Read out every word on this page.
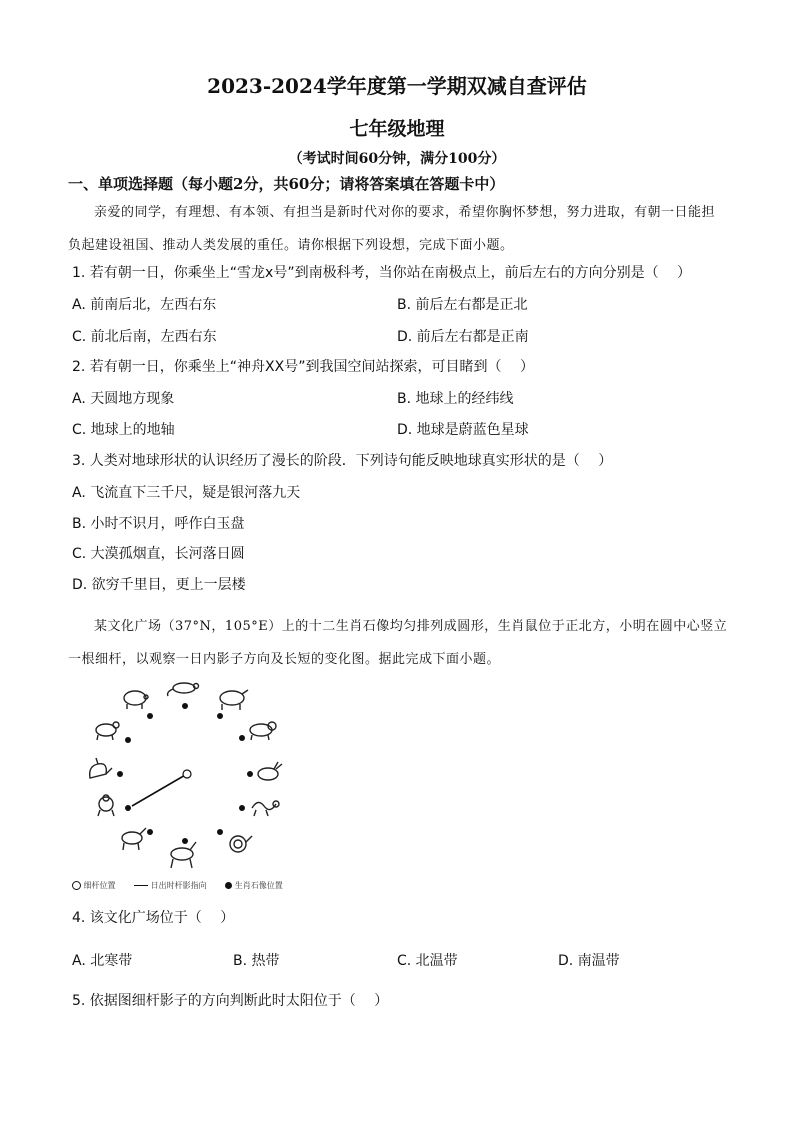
2023-2024学年度第一学期双减自查评估
七年级地理
（考试时间60分钟，满分100分）
一、单项选择题（每小题2分，共60分；请将答案填在答题卡中）
亲爱的同学，有理想、有本领、有担当是新时代对你的要求，希望你胸怀梦想，努力进取，有朝一日能担负起建设祖国、推动人类发展的重任。请你根据下列设想，完成下面小题。
1. 若有朝一日，你乘坐上“雪龙x号”到南极科考，当你站在南极点上，前后左右的方向分别是（　 ）
A. 前南后北，左西右东	B. 前后左右都是正北
C. 前北后南，左西右东	D. 前后左右都是正南
2. 若有朝一日，你乘坐上“神舟XX号”到我国空间站探索，可目睹到（　 ）
A. 天圆地方现象	B. 地球上的经纬线
C. 地球上的地轴	D. 地球是蔚蓝色星球
3. 人类对地球形状的认识经历了漫长的阶段．下列诗句能反映地球真实形状的是（　 ）
A. 飞流直下三千尺，疑是银河落九天
B. 小时不识月，呼作白玉盘
C. 大漠孤烟直，长河落日圆
D. 欲穷千里目，更上一层楼
某文化广场（37°N，105°E）上的十二生肖石像均匀排列成圆形，生肖鼠位于正北方，小明在圆中心竖立一根细杆，以观察一日内影子方向及长短的变化图。据此完成下面小题。
细杆位置	日出时杆影指向	生肖石像位置
4. 该文化广场位于（　 ）
A. 北寒带	B. 热带	C. 北温带	D. 南温带
5. 依据图细杆影子的方向判断此时太阳位于（　 ）
